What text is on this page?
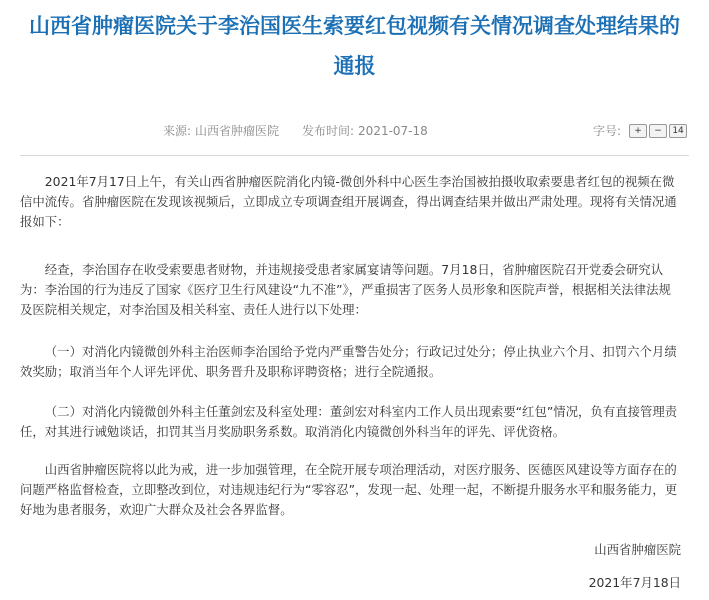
山西省肿瘤医院关于李治国医生索要红包视频有关情况调查处理结果的通报
来源: 山西省肿瘤医院 发布时间: 2021-07-18	字号:	+	−	14

2021年7月17日上午，有关山西省肿瘤医院消化内镜-微创外科中心医生李治国被拍摄收取索要患者红包的视频在微信中流传。省肿瘤医院在发现该视频后，立即成立专项调查组开展调查，得出调查结果并做出严肃处理。现将有关情况通报如下：

经查，李治国存在收受索要患者财物，并违规接受患者家属宴请等问题。7月18日，省肿瘤医院召开党委会研究认为：李治国的行为违反了国家《医疗卫生行风建设“九不准”》，严重损害了医务人员形象和医院声誉，根据相关法律法规及医院相关规定，对李治国及相关科室、责任人进行以下处理：

（一）对消化内镜微创外科主治医师李治国给予党内严重警告处分；行政记过处分；停止执业六个月、扣罚六个月绩效奖励；取消当年个人评先评优、职务晋升及职称评聘资格；进行全院通报。

（二）对消化内镜微创外科主任董剑宏及科室处理：董剑宏对科室内工作人员出现索要“红包”情况，负有直接管理责任，对其进行诫勉谈话，扣罚其当月奖励职务系数。取消消化内镜微创外科当年的评先、评优资格。

山西省肿瘤医院将以此为戒，进一步加强管理，在全院开展专项治理活动，对医疗服务、医德医风建设等方面存在的问题严格监督检查，立即整改到位，对违规违纪行为“零容忍”，发现一起、处理一起，不断提升服务水平和服务能力，更好地为患者服务，欢迎广大群众及社会各界监督。

山西省肿瘤医院
2021年7月18日
